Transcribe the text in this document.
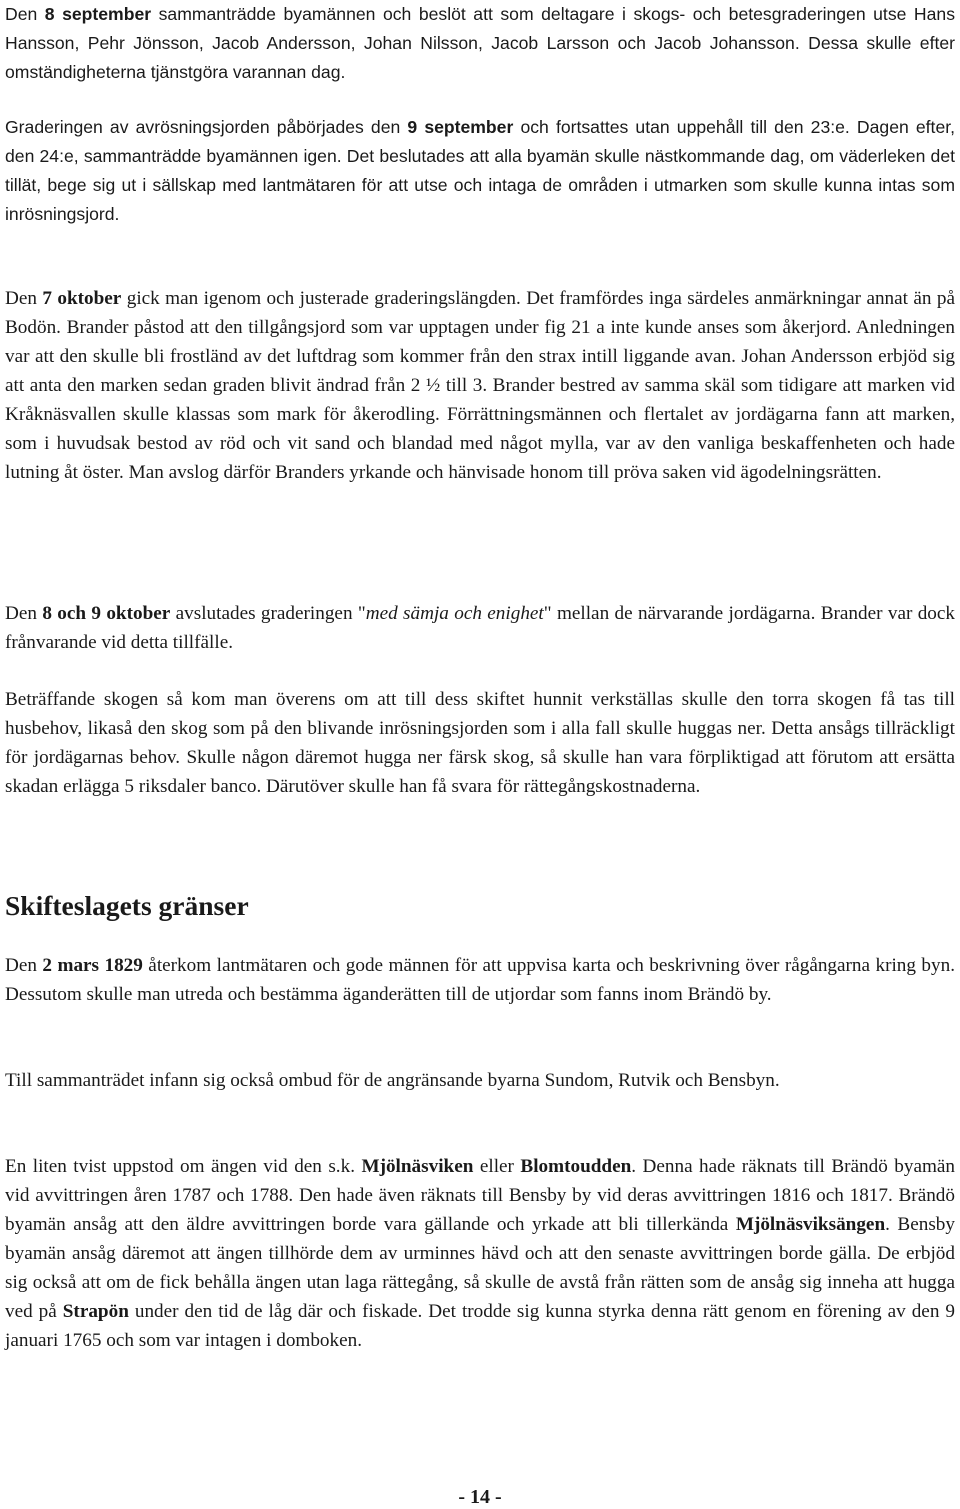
Den 8 september sammanträdde byamännen och beslöt att som deltagare i skogs- och betesgraderingen utse Hans Hansson, Pehr Jönsson, Jacob Andersson, Johan Nilsson, Jacob Larsson och Jacob Johansson. Dessa skulle efter omständigheterna tjänstgöra varannan dag.

Graderingen av avrösningsjorden påbörjades den 9 september och fortsattes utan uppehåll till den 23:e. Dagen efter, den 24:e, sammanträdde byamännen igen. Det beslutades att alla byamän skulle nästkommande dag, om väderleken det tillät, bege sig ut i sällskap med lantmätaren för att utse och intaga de områden i utmarken som skulle kunna intas som inrösningsjord.

Den 7 oktober gick man igenom och justerade graderingslängden. Det framfördes inga särdeles anmärkningar annat än på Bodön. Brander påstod att den tillgångsjord som var upptagen under fig 21 a inte kunde anses som åkerjord. Anledningen var att den skulle bli frostländ av det luftdrag som kommer från den strax intill liggande avan. Johan Andersson erbjöd sig att anta den marken sedan graden blivit ändrad från 2 ½ till 3. Brander bestred av samma skäl som tidigare att marken vid Kråknäsvallen skulle klassas som mark för åkerodling. Förrättningsmännen och flertalet av jordägarna fann att marken, som i huvudsak bestod av röd och vit sand och blandad med något mylla, var av den vanliga beskaffenheten och hade lutning åt öster. Man avslog därför Branders yrkande och hänvisade honom till pröva saken vid ägodelningsrätten.

Den 8 och 9 oktober avslutades graderingen "med sämja och enighet" mellan de närvarande jordägarna. Brander var dock frånvarande vid detta tillfälle.

Beträffande skogen så kom man överens om att till dess skiftet hunnit verkställas skulle den torra skogen få tas till husbehov, likaså den skog som på den blivande inrösningsjorden som i alla fall skulle huggas ner. Detta ansågs tillräckligt för jordägarnas behov. Skulle någon däremot hugga ner färsk skog, så skulle han vara förpliktigad att förutom att ersätta skadan erlägga 5 riksdaler banco. Därutöver skulle han få svara för rättegångskostnaderna.

Den 2 mars 1829 återkom lantmätaren och gode männen för att uppvisa karta och beskrivning över rågångarna kring byn. Dessutom skulle man utreda och bestämma äganderätten till de utjordar som fanns inom Brändö by.

Till sammanträdet infann sig också ombud för de angränsande byarna Sundom, Rutvik och Bensbyn.

En liten tvist uppstod om ängen vid den s.k. Mjölnäsviken eller Blomtoudden. Denna hade räknats till Brändö byamän vid avvittringen åren 1787 och 1788. Den hade även räknats till Bensby by vid deras avvittringen 1816 och 1817. Brändö byamän ansåg att den äldre avvittringen borde vara gällande och yrkade att bli tillerkända Mjölnäsviksängen. Bensby byamän ansåg däremot att ängen tillhörde dem av urminnes hävd och att den senaste avvittringen borde gälla. De erbjöd sig också att om de fick behålla ängen utan laga rättegång, så skulle de avstå från rätten som de ansåg sig inneha att hugga ved på Strapön under den tid de låg där och fiskade. Det trodde sig kunna styrka denna rätt genom en förening av den 9 januari 1765 och som var intagen i domboken.

Skifteslagets gränser
- 14 -
